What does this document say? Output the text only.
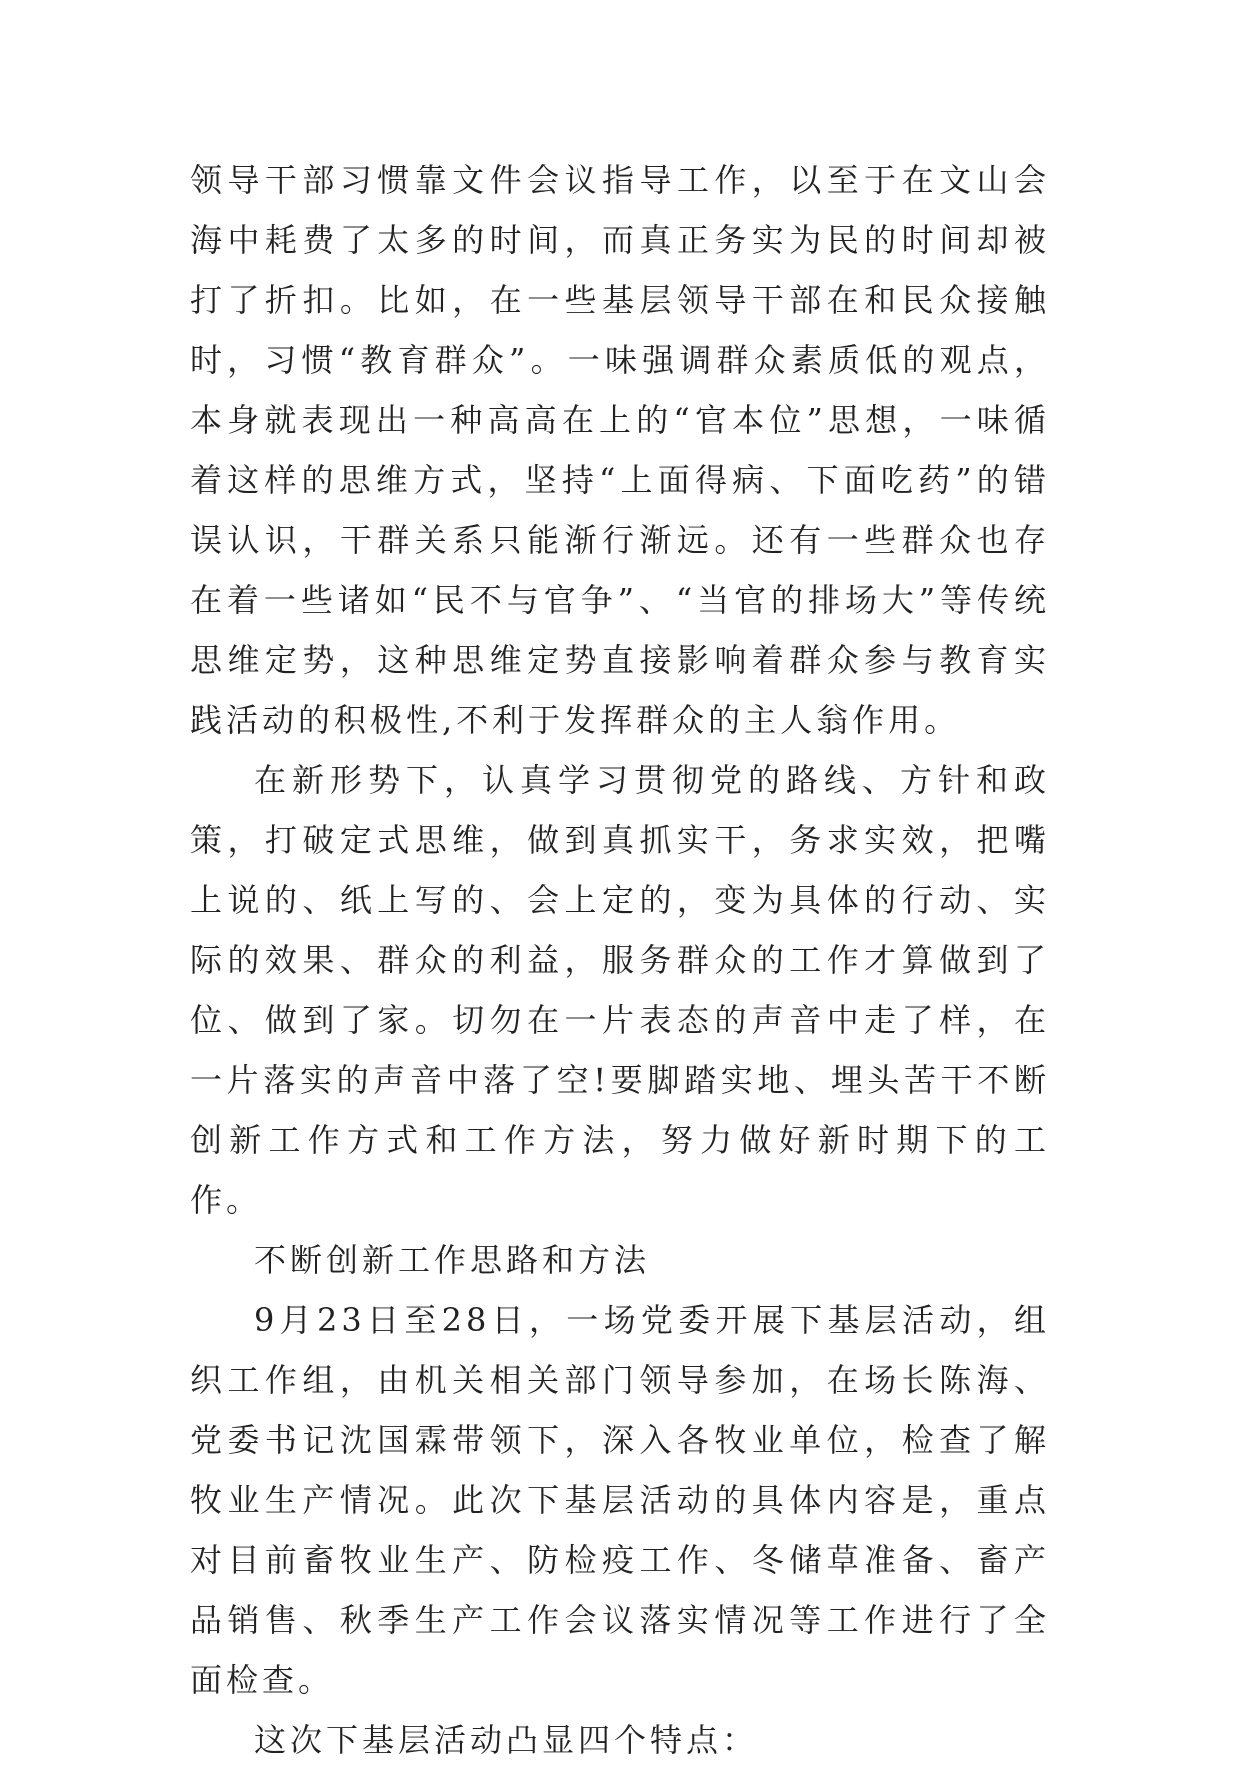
领导干部习惯靠文件会议指导工作，以至于在文山会海中耗费了太多的时间，而真正务实为民的时间却被打了折扣。比如，在一些基层领导干部在和民众接触时，习惯“教育群众”。一味强调群众素质低的观点，本身就表现出一种高高在上的“官本位”思想，一味循着这样的思维方式，坚持“上面得病、下面吃药”的错误认识，干群关系只能渐行渐远。还有一些群众也存在着一些诸如“民不与官争”、“当官的排场大”等传统思维定势，这种思维定势直接影响着群众参与教育实践活动的积极性,不利于发挥群众的主人翁作用。

在新形势下，认真学习贯彻党的路线、方针和政策，打破定式思维，做到真抓实干，务求实效，把嘴上说的、纸上写的、会上定的，变为具体的行动、实际的效果、群众的利益，服务群众的工作才算做到了位、做到了家。切勿在一片表态的声音中走了样，在一片落实的声音中落了空!要脚踏实地、埋头苦干不断创新工作方式和工作方法，努力做好新时期下的工作。

不断创新工作思路和方法

9月23日至28日，一场党委开展下基层活动，组织工作组，由机关相关部门领导参加，在场长陈海、党委书记沈国霖带领下，深入各牧业单位，检查了解牧业生产情况。此次下基层活动的具体内容是，重点对目前畜牧业生产、防检疫工作、冬储草准备、畜产品销售、秋季生产工作会议落实情况等工作进行了全面检查。

这次下基层活动凸显四个特点：
